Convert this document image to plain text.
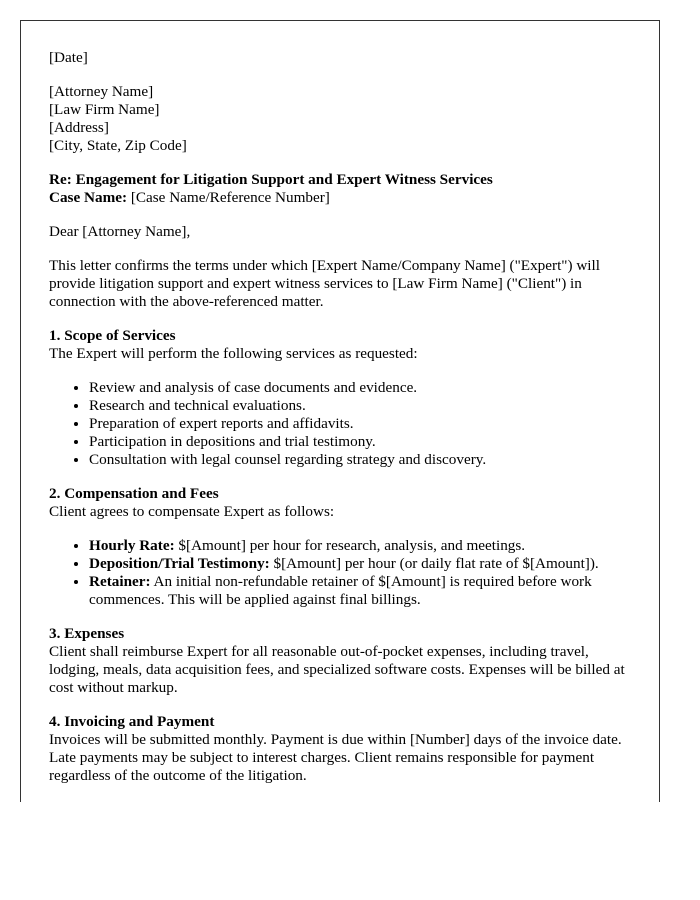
[Date]

[Attorney Name]
[Law Firm Name]
[Address]
[City, State, Zip Code]
Re: Engagement for Litigation Support and Expert Witness Services
Case Name: [Case Name/Reference Number]

Dear [Attorney Name],

This letter confirms the terms under which [Expert Name/Company Name] ("Expert") will provide litigation support and expert witness services to [Law Firm Name] ("Client") in connection with the above-referenced matter.

1. Scope of Services
The Expert will perform the following services as requested:
• Review and analysis of case documents and evidence.
• Research and technical evaluations.
• Preparation of expert reports and affidavits.
• Participation in depositions and trial testimony.
• Consultation with legal counsel regarding strategy and discovery.
2. Compensation and Fees
Client agrees to compensate Expert as follows:
• Hourly Rate: $[Amount] per hour for research, analysis, and meetings.
• Deposition/Trial Testimony: $[Amount] per hour (or daily flat rate of $[Amount]).
• Retainer: An initial non-refundable retainer of $[Amount] is required before work commences. This will be applied against final billings.
3. Expenses
Client shall reimburse Expert for all reasonable out-of-pocket expenses, including travel, lodging, meals, data acquisition fees, and specialized software costs. Expenses will be billed at cost without markup.
4. Invoicing and Payment
Invoices will be submitted monthly. Payment is due within [Number] days of the invoice date. Late payments may be subject to interest charges. Client remains responsible for payment regardless of the outcome of the litigation.
